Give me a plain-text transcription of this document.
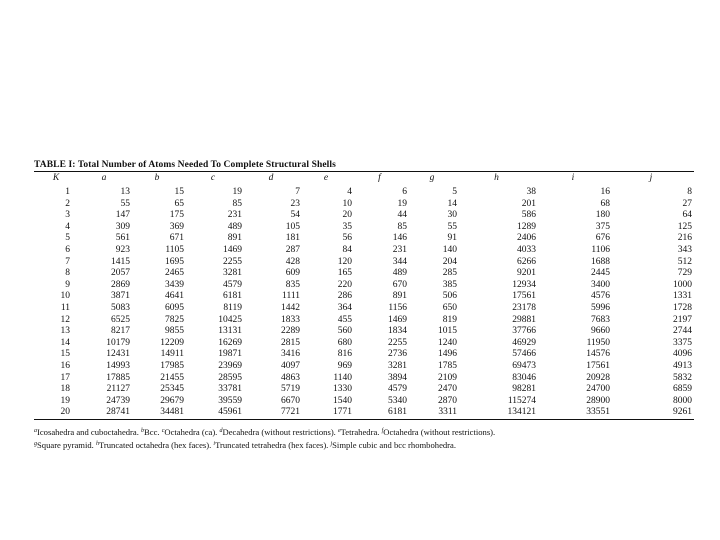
TABLE I: Total Number of Atoms Needed To Complete Structural Shells
K	a	b	c	d	e	f	g	h	i	j
1	13	15	19	7	4	6	5	38	16	8
2	55	65	85	23	10	19	14	201	68	27
3	147	175	231	54	20	44	30	586	180	64
4	309	369	489	105	35	85	55	1289	375	125
5	561	671	891	181	56	146	91	2406	676	216
6	923	1105	1469	287	84	231	140	4033	1106	343
7	1415	1695	2255	428	120	344	204	6266	1688	512
8	2057	2465	3281	609	165	489	285	9201	2445	729
9	2869	3439	4579	835	220	670	385	12934	3400	1000
10	3871	4641	6181	1111	286	891	506	17561	4576	1331
11	5083	6095	8119	1442	364	1156	650	23178	5996	1728
12	6525	7825	10425	1833	455	1469	819	29881	7683	2197
13	8217	9855	13131	2289	560	1834	1015	37766	9660	2744
14	10179	12209	16269	2815	680	2255	1240	46929	11950	3375
15	12431	14911	19871	3416	816	2736	1496	57466	14576	4096
16	14993	17985	23969	4097	969	3281	1785	69473	17561	4913
17	17885	21455	28595	4863	1140	3894	2109	83046	20928	5832
18	21127	25345	33781	5719	1330	4579	2470	98281	24700	6859
19	24739	29679	39559	6670	1540	5340	2870	115274	28900	8000
20	28741	34481	45961	7721	1771	6181	3311	134121	33551	9261
$^a$Icosahedra and cuboctahedra. $^b$Bcc. $^c$Octahedra (ca). $^d$Decahedra (without restrictions). $^e$Tetrahedra. $^f$Octahedra (without restrictions).
$^g$Square pyramid. $^h$Truncated octahedra (hex faces). $^i$Truncated tetrahedra (hex faces). $^j$Simple cubic and bcc rhombohedra.
